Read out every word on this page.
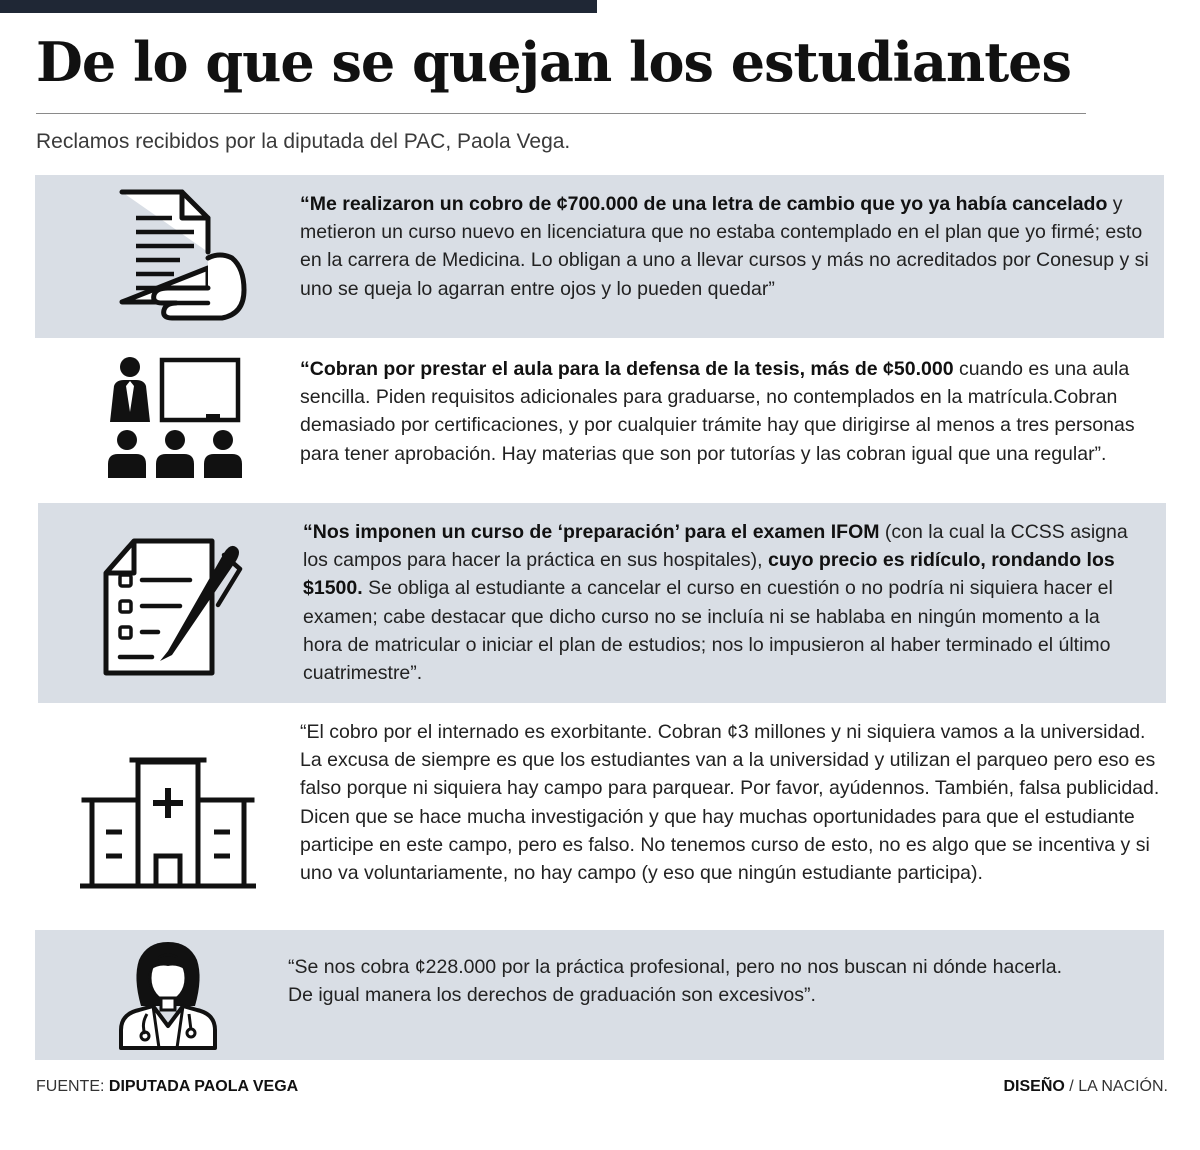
De lo que se quejan los estudiantes

Reclamos recibidos por la diputada del PAC, Paola Vega.

“Me realizaron un cobro de ¢700.000 de una letra de cambio que yo ya había cancelado y metieron un curso nuevo en licenciatura que no estaba contemplado en el plan que yo firmé; esto en la carrera de Medicina. Lo obligan a uno a llevar cursos y más no acreditados por Conesup y si uno se queja lo agarran entre ojos y lo pueden quedar”

“Cobran por prestar el aula para la defensa de la tesis, más de ¢50.000 cuando es una aula sencilla. Piden requisitos adicionales para graduarse, no contemplados en la matrícula.Cobran demasiado por certificaciones, y por cualquier trámite hay que dirigirse al menos a tres personas para tener aprobación. Hay materias que son por tutorías y las cobran igual que una regular”.

“Nos imponen un curso de ‘preparación’ para el examen IFOM (con la cual la CCSS asigna los campos para hacer la práctica en sus hospitales), cuyo precio es ridículo, rondando los $1500. Se obliga al estudiante a cancelar el curso en cuestión o no podría ni siquiera hacer el examen; cabe destacar que dicho curso no se incluía ni se hablaba en ningún momento a la hora de matricular o iniciar el plan de estudios; nos lo impusieron al haber terminado el último cuatrimestre”.

“El cobro por el internado es exorbitante. Cobran ¢3 millones y ni siquiera vamos a la universidad. La excusa de siempre es que los estudiantes van a la universidad y utilizan el parqueo pero eso es falso porque ni siquiera hay campo para parquear. Por favor, ayúdennos. También, falsa publicidad. Dicen que se hace mucha investigación y que hay muchas oportunidades para que el estudiante participe en este campo, pero es falso. No tenemos curso de esto, no es algo que se incentiva y si uno va voluntariamente, no hay campo (y eso que ningún estudiante participa).

“Se nos cobra ¢228.000 por la práctica profesional, pero no nos buscan ni dónde hacerla. De igual manera los derechos de graduación son excesivos”.

FUENTE: DIPUTADA PAOLA VEGA	DISEÑO / LA NACIÓN.
